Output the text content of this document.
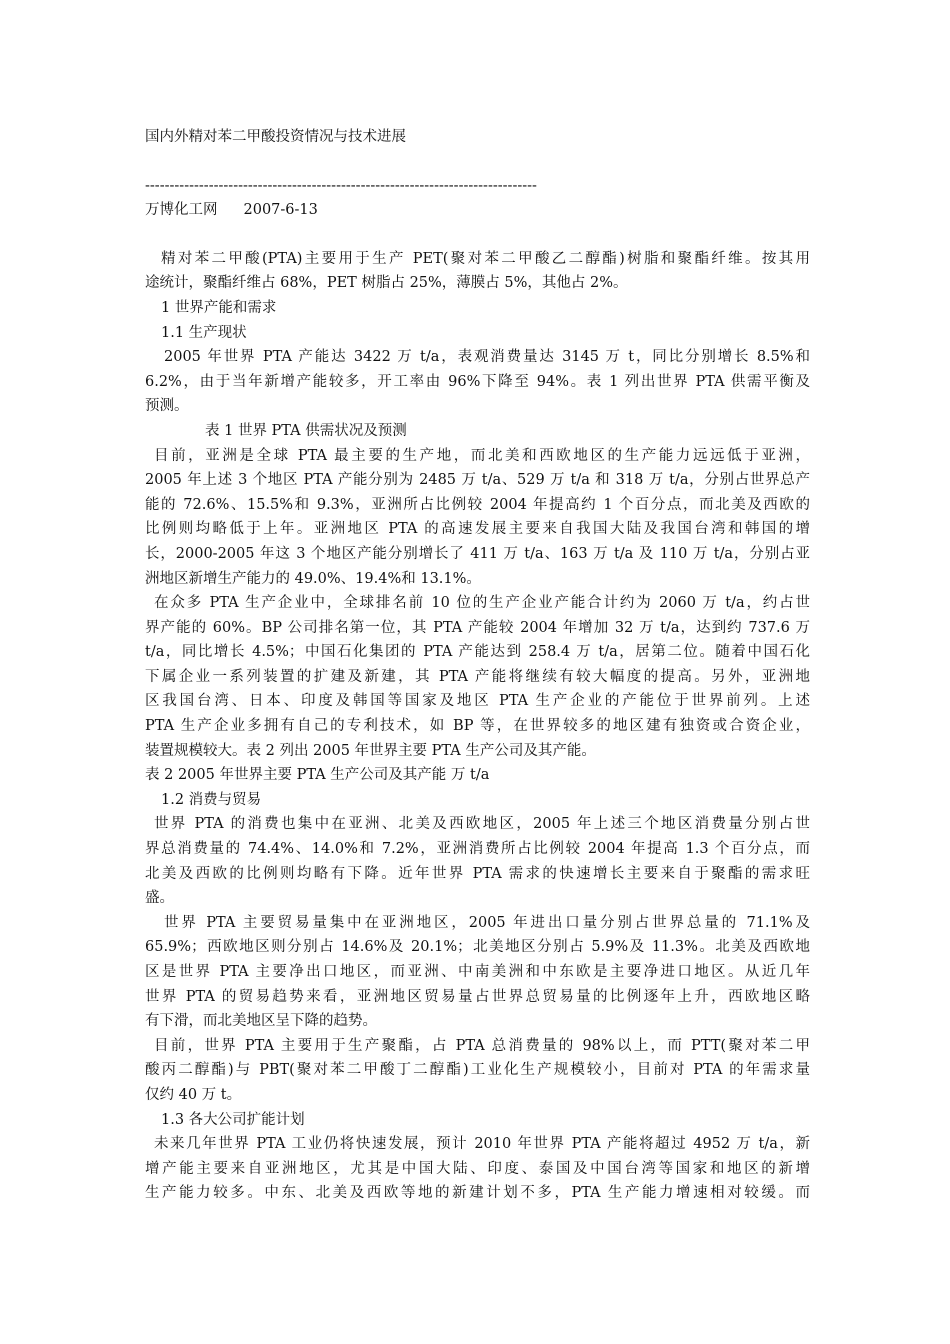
国内外精对苯二甲酸投资情况与技术进展
--------------------------------------------------------------------------------
万博化工网 2007-6-13
精对苯二甲酸(PTA)主要用于生产 PET(聚对苯二甲酸乙二醇酯)树脂和聚酯纤维。按其用
途统计，聚酯纤维占 68%，PET 树脂占 25%，薄膜占 5%，其他占 2%。
1 世界产能和需求
1.1 生产现状
2005 年世界 PTA 产能达 3422 万 t/a，表观消费量达 3145 万 t，同比分别增长 8.5%和
6.2%，由于当年新增产能较多，开工率由 96%下降至 94%。表 1 列出世界 PTA 供需平衡及
预测。
表 1 世界 PTA 供需状况及预测
目前，亚洲是全球 PTA 最主要的生产地，而北美和西欧地区的生产能力远远低于亚洲，
2005 年上述 3 个地区 PTA 产能分别为 2485 万 t/a、529 万 t/a 和 318 万 t/a，分别占世界总产
能的 72.6%、15.5%和 9.3%，亚洲所占比例较 2004 年提高约 1 个百分点，而北美及西欧的
比例则均略低于上年。亚洲地区 PTA 的高速发展主要来自我国大陆及我国台湾和韩国的增
长，2000-2005 年这 3 个地区产能分别增长了 411 万 t/a、163 万 t/a 及 110 万 t/a，分别占亚
洲地区新增生产能力的 49.0%、19.4%和 13.1%。
在众多 PTA 生产企业中，全球排名前 10 位的生产企业产能合计约为 2060 万 t/a，约占世
界产能的 60%。BP 公司排名第一位，其 PTA 产能较 2004 年增加 32 万 t/a，达到约 737.6 万
t/a，同比增长 4.5%；中国石化集团的 PTA 产能达到 258.4 万 t/a，居第二位。随着中国石化
下属企业一系列装置的扩建及新建，其 PTA 产能将继续有较大幅度的提高。另外，亚洲地
区我国台湾、日本、印度及韩国等国家及地区 PTA 生产企业的产能位于世界前列。上述
PTA 生产企业多拥有自己的专利技术，如 BP 等，在世界较多的地区建有独资或合资企业，
装置规模较大。表 2 列出 2005 年世界主要 PTA 生产公司及其产能。
表 2 2005 年世界主要 PTA 生产公司及其产能 万 t/a
1.2 消费与贸易
世界 PTA 的消费也集中在亚洲、北美及西欧地区，2005 年上述三个地区消费量分别占世
界总消费量的 74.4%、14.0%和 7.2%，亚洲消费所占比例较 2004 年提高 1.3 个百分点，而
北美及西欧的比例则均略有下降。近年世界 PTA 需求的快速增长主要来自于聚酯的需求旺
盛。
世界 PTA 主要贸易量集中在亚洲地区，2005 年进出口量分别占世界总量的 71.1%及
65.9%；西欧地区则分别占 14.6%及 20.1%；北美地区分别占 5.9%及 11.3%。北美及西欧地
区是世界 PTA 主要净出口地区，而亚洲、中南美洲和中东欧是主要净进口地区。从近几年
世界 PTA 的贸易趋势来看，亚洲地区贸易量占世界总贸易量的比例逐年上升，西欧地区略
有下滑，而北美地区呈下降的趋势。
目前，世界 PTA 主要用于生产聚酯，占 PTA 总消费量的 98%以上，而 PTT(聚对苯二甲
酸丙二醇酯)与 PBT(聚对苯二甲酸丁二醇酯)工业化生产规模较小，目前对 PTA 的年需求量
仅约 40 万 t。
1.3 各大公司扩能计划
未来几年世界 PTA 工业仍将快速发展，预计 2010 年世界 PTA 产能将超过 4952 万 t/a，新
增产能主要来自亚洲地区，尤其是中国大陆、印度、泰国及中国台湾等国家和地区的新增
生产能力较多。中东、北美及西欧等地的新建计划不多，PTA 生产能力增速相对较缓。而
